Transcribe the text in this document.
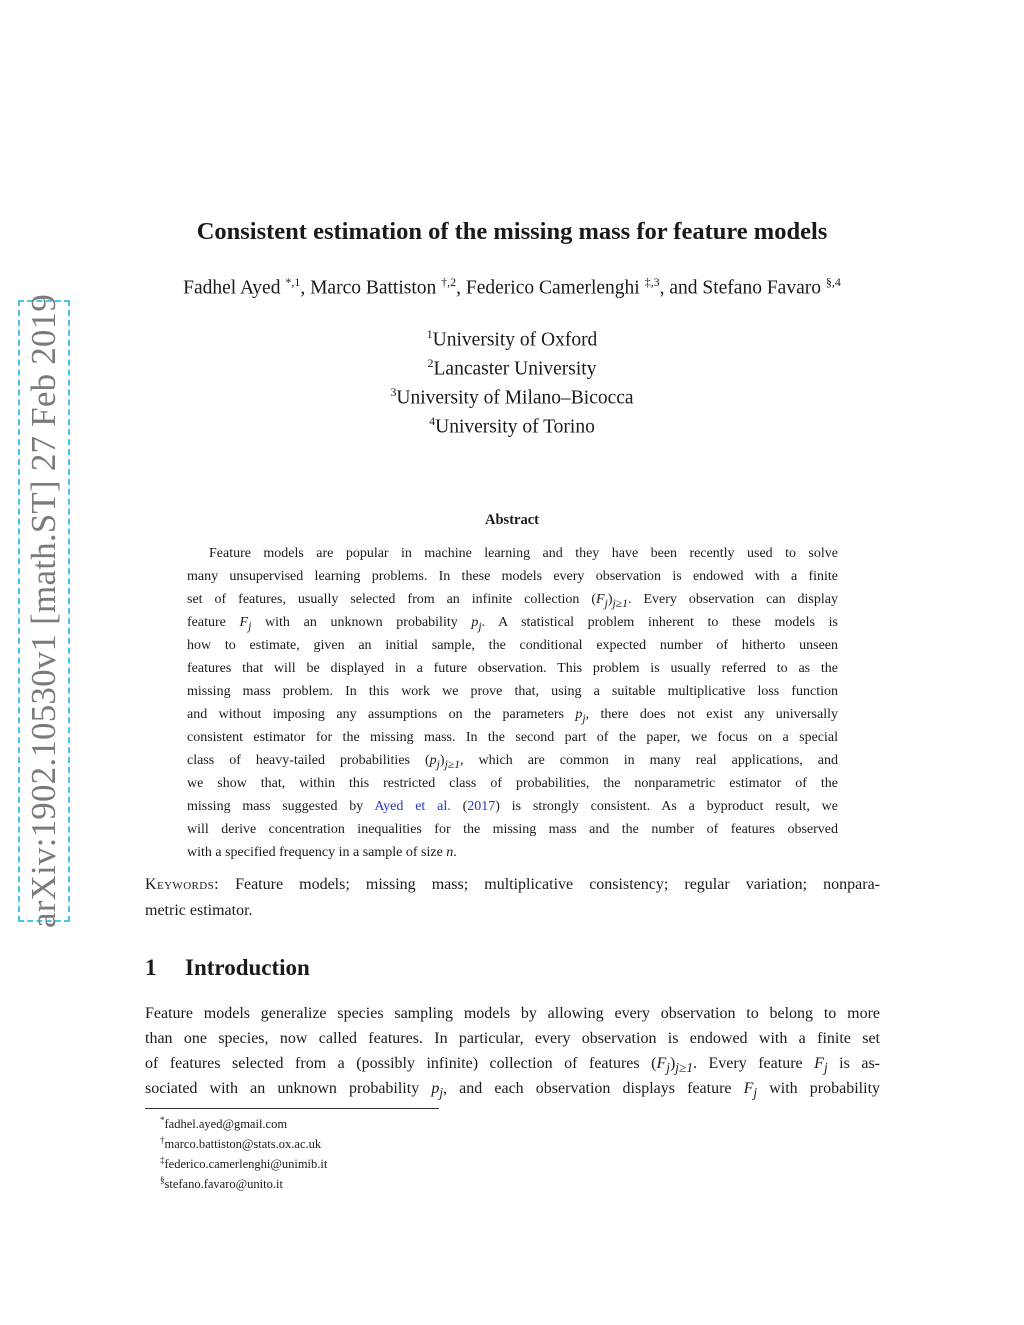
arXiv:1902.10530v1 [math.ST] 27 Feb 2019
Consistent estimation of the missing mass for feature models
Fadhel Ayed $^{*,1}$, Marco Battiston $^{\dagger,2}$, Federico Camerlenghi $^{\ddagger,3}$, and Stefano Favaro $^{\S,4}$
$^1$University of Oxford
$^2$Lancaster University
$^3$University of Milano–Bicocca
$^4$University of Torino
Abstract
Feature models are popular in machine learning and they have been recently used to solve
many unsupervised learning problems. In these models every observation is endowed with a finite
set of features, usually selected from an infinite collection $(F_j)_{j\ge 1}$. Every observation can display
feature $F_j$ with an unknown probability $p_j$. A statistical problem inherent to these models is
how to estimate, given an initial sample, the conditional expected number of hitherto unseen
features that will be displayed in a future observation. This problem is usually referred to as the
missing mass problem. In this work we prove that, using a suitable multiplicative loss function
and without imposing any assumptions on the parameters $p_j$, there does not exist any universally
consistent estimator for the missing mass. In the second part of the paper, we focus on a special
class of heavy-tailed probabilities $(p_j)_{j\ge 1}$, which are common in many real applications, and
we show that, within this restricted class of probabilities, the nonparametric estimator of the
missing mass suggested by Ayed et al. (2017) is strongly consistent. As a byproduct result, we
will derive concentration inequalities for the missing mass and the number of features observed
with a specified frequency in a sample of size n.
Keywords: Feature models; missing mass; multiplicative consistency; regular variation; nonpara-
metric estimator.
1 Introduction
Feature models generalize species sampling models by allowing every observation to belong to more
than one species, now called features. In particular, every observation is endowed with a finite set
of features selected from a (possibly infinite) collection of features $(F_j)_{j\ge 1}$. Every feature $F_j$ is as-
sociated with an unknown probability $p_j$, and each observation displays feature $F_j$ with probability
*fadhel.ayed@gmail.com
†marco.battiston@stats.ox.ac.uk
‡federico.camerlenghi@unimib.it
§stefano.favaro@unito.it
